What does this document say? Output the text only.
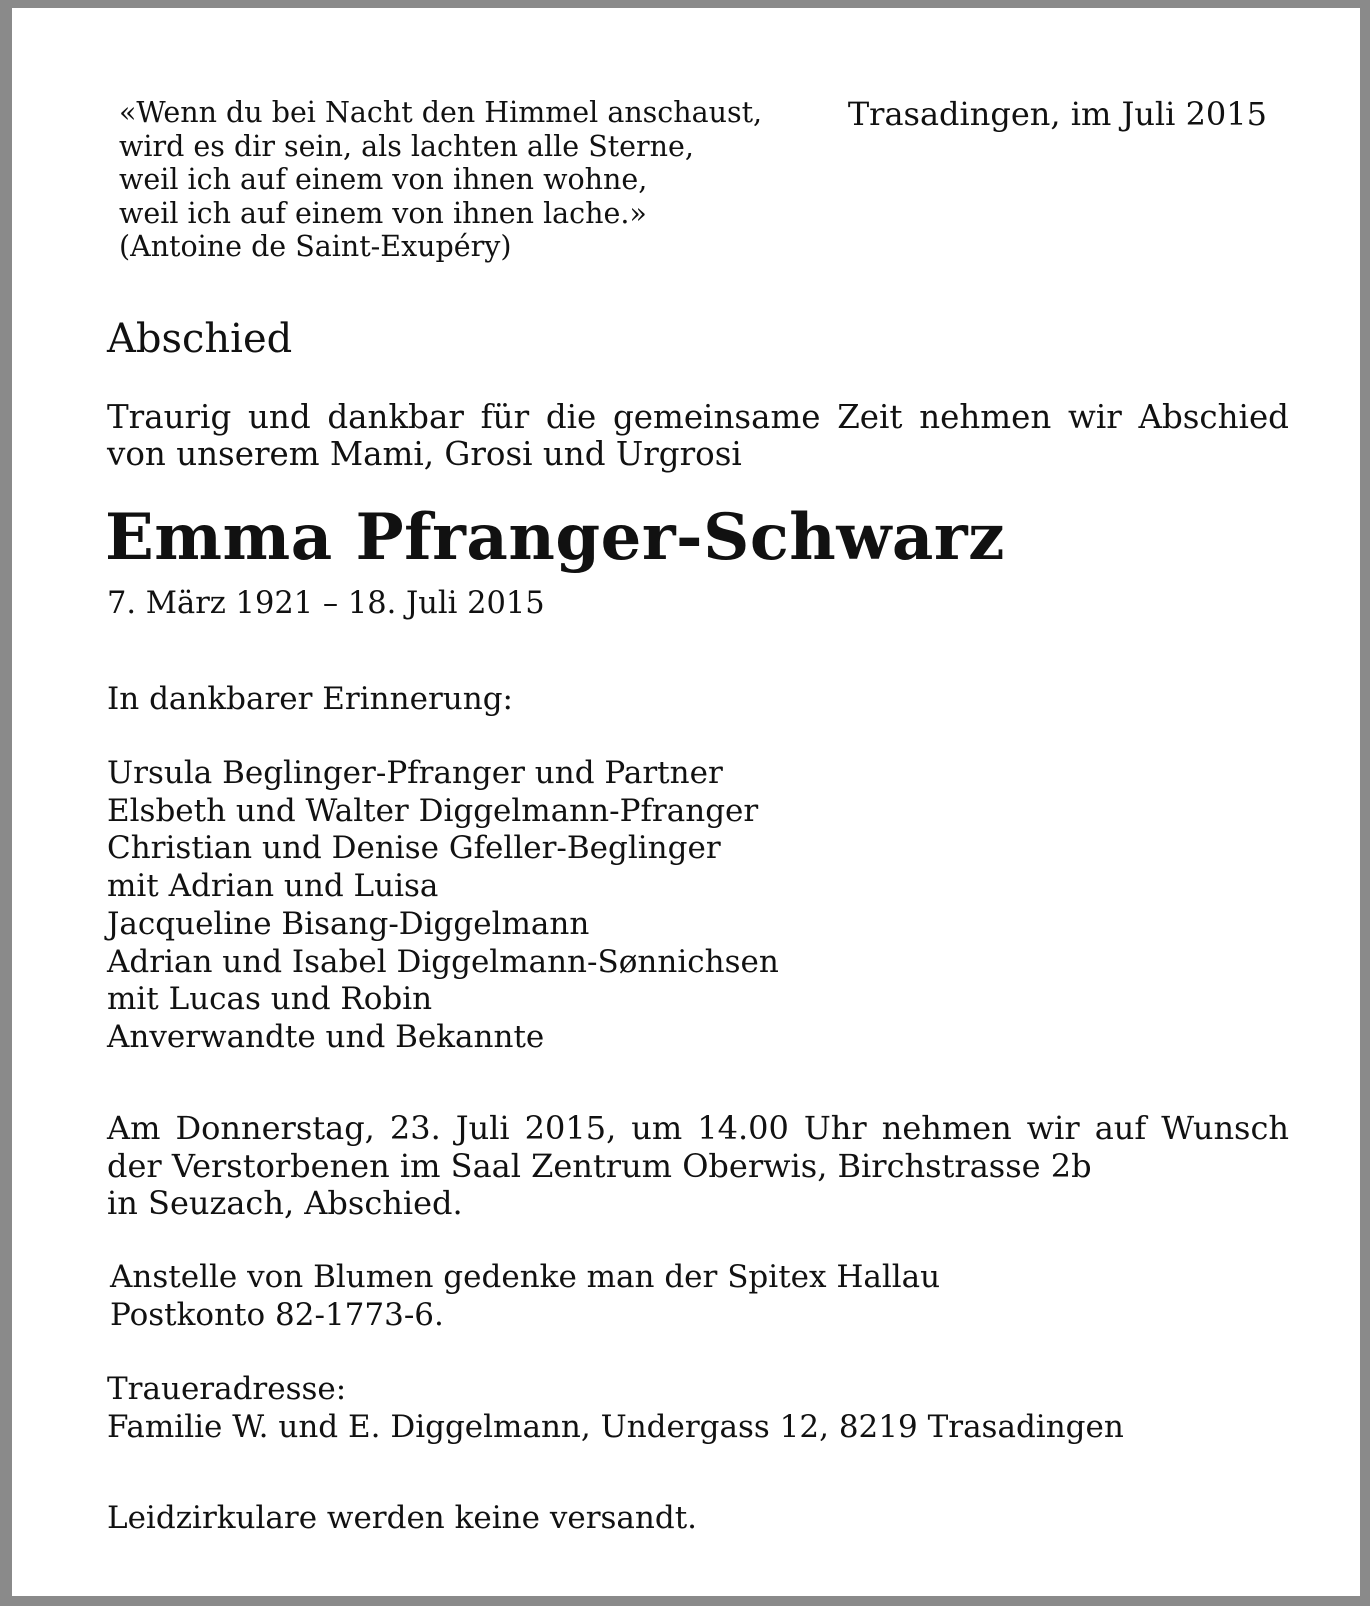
«Wenn du bei Nacht den Himmel anschaust,
wird es dir sein, als lachten alle Sterne,
weil ich auf einem von ihnen wohne,
weil ich auf einem von ihnen lache.»
(Antoine de Saint-Exupéry)
Trasadingen, im Juli 2015
Abschied
Traurig und dankbar für die gemeinsame Zeit nehmen wir Abschied
von unserem Mami, Grosi und Urgrosi
Emma Pfranger-Schwarz
7. März 1921 – 18. Juli 2015
In dankbarer Erinnerung:
Ursula Beglinger-Pfranger und Partner
Elsbeth und Walter Diggelmann-Pfranger
Christian und Denise Gfeller-Beglinger
mit Adrian und Luisa
Jacqueline Bisang-Diggelmann
Adrian und Isabel Diggelmann-Sønnichsen
mit Lucas und Robin
Anverwandte und Bekannte
Am Donnerstag, 23. Juli 2015, um 14.00 Uhr nehmen wir auf Wunsch
der Verstorbenen im Saal Zentrum Oberwis, Birchstrasse 2b
in Seuzach, Abschied.
Anstelle von Blumen gedenke man der Spitex Hallau
Postkonto 82-1773-6.
Traueradresse:
Familie W. und E. Diggelmann, Undergass 12, 8219 Trasadingen
Leidzirkulare werden keine versandt.
